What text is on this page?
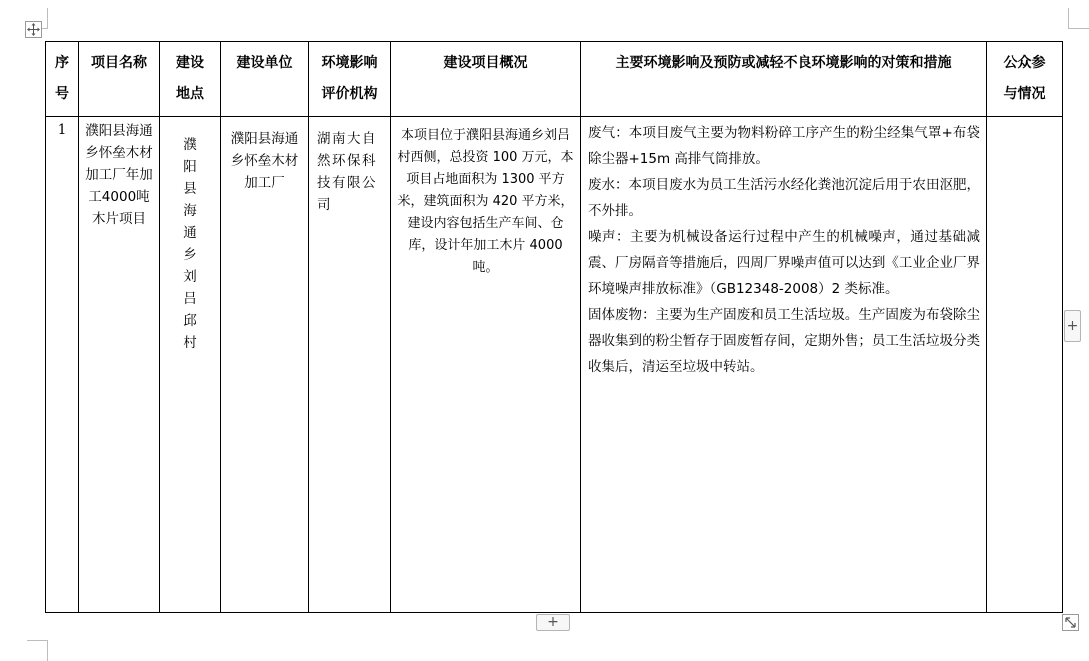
序号	项目名称	建设地点	建设单位	环境影响评价机构	建设项目概况	主要环境影响及预防或减轻不良环境影响的对策和措施	公众参与情况

1	濮阳县海通乡怀垒木材加工厂年加工4000吨木片项目	濮阳县海通乡刘吕邱村	濮阳县海通乡怀垒木材加工厂	湖南大自然环保科技有限公司	本项目位于濮阳县海通乡刘吕村西侧，总投资 100 万元，本项目占地面积为 1300 平方米，建筑面积为 420 平方米，建设内容包括生产车间、仓库，设计年加工木片 4000 吨。	废气：本项目废气主要为物料粉碎工序产生的粉尘经集气罩+布袋除尘器+15m 高排气筒排放。
废水：本项目废水为员工生活污水经化粪池沉淀后用于农田沤肥，不外排。
噪声：主要为机械设备运行过程中产生的机械噪声，通过基础减震、厂房隔音等措施后，四周厂界噪声值可以达到《工业企业厂界环境噪声排放标准》（GB12348-2008）2 类标准。
固体废物：主要为生产固废和员工生活垃圾。生产固废为布袋除尘器收集到的粉尘暂存于固废暂存间，定期外售；员工生活垃圾分类收集后，清运至垃圾中转站。	

+
+
